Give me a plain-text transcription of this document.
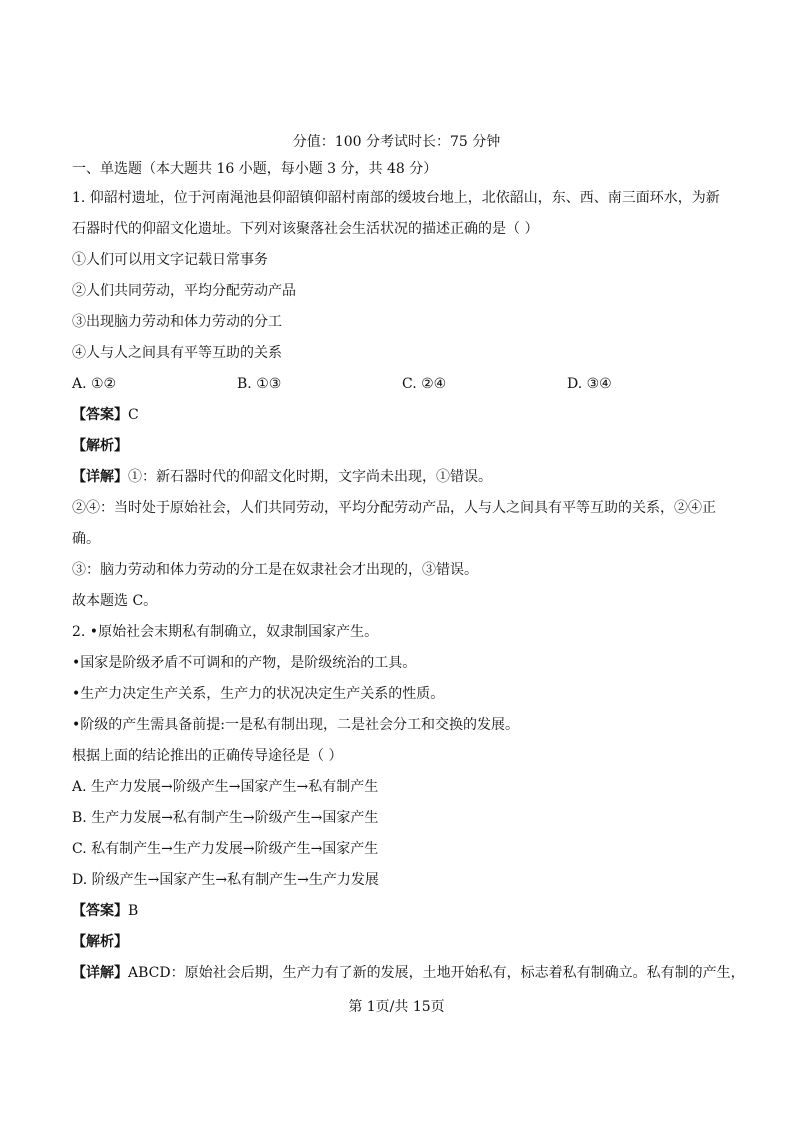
分值：100 分考试时长：75 分钟
一、单选题（本大题共 16 小题，每小题 3 分，共 48 分）
1. 仰韶村遗址，位于河南渑池县仰韶镇仰韶村南部的缓坡台地上，北依韶山，东、西、南三面环水，为新
石器时代的仰韶文化遗址。下列对该聚落社会生活状况的描述正确的是（ ）
①人们可以用文字记载日常事务
②人们共同劳动，平均分配劳动产品
③出现脑力劳动和体力劳动的分工
④人与人之间具有平等互助的关系
A. ①②	B. ①③	C. ②④	D. ③④
【答案】C
【解析】
【详解】①：新石器时代的仰韶文化时期，文字尚未出现，①错误。
②④：当时处于原始社会，人们共同劳动，平均分配劳动产品，人与人之间具有平等互助的关系，②④正
确。
③：脑力劳动和体力劳动的分工是在奴隶社会才出现的，③错误。
故本题选 C。
2. •原始社会末期私有制确立，奴隶制国家产生。
•国家是阶级矛盾不可调和的产物，是阶级统治的工具。
•生产力决定生产关系，生产力的状况决定生产关系的性质。
•阶级的产生需具备前提:一是私有制出现，二是社会分工和交换的发展。
根据上面的结论推出的正确传导途径是（ ）
A. 生产力发展→阶级产生→国家产生→私有制产生
B. 生产力发展→私有制产生→阶级产生→国家产生
C. 私有制产生→生产力发展→阶级产生→国家产生
D. 阶级产生→国家产生→私有制产生→生产力发展
【答案】B
【解析】
【详解】ABCD：原始社会后期，生产力有了新的发展，土地开始私有，标志着私有制确立。私有制的产生，
第 1页/共 15页
